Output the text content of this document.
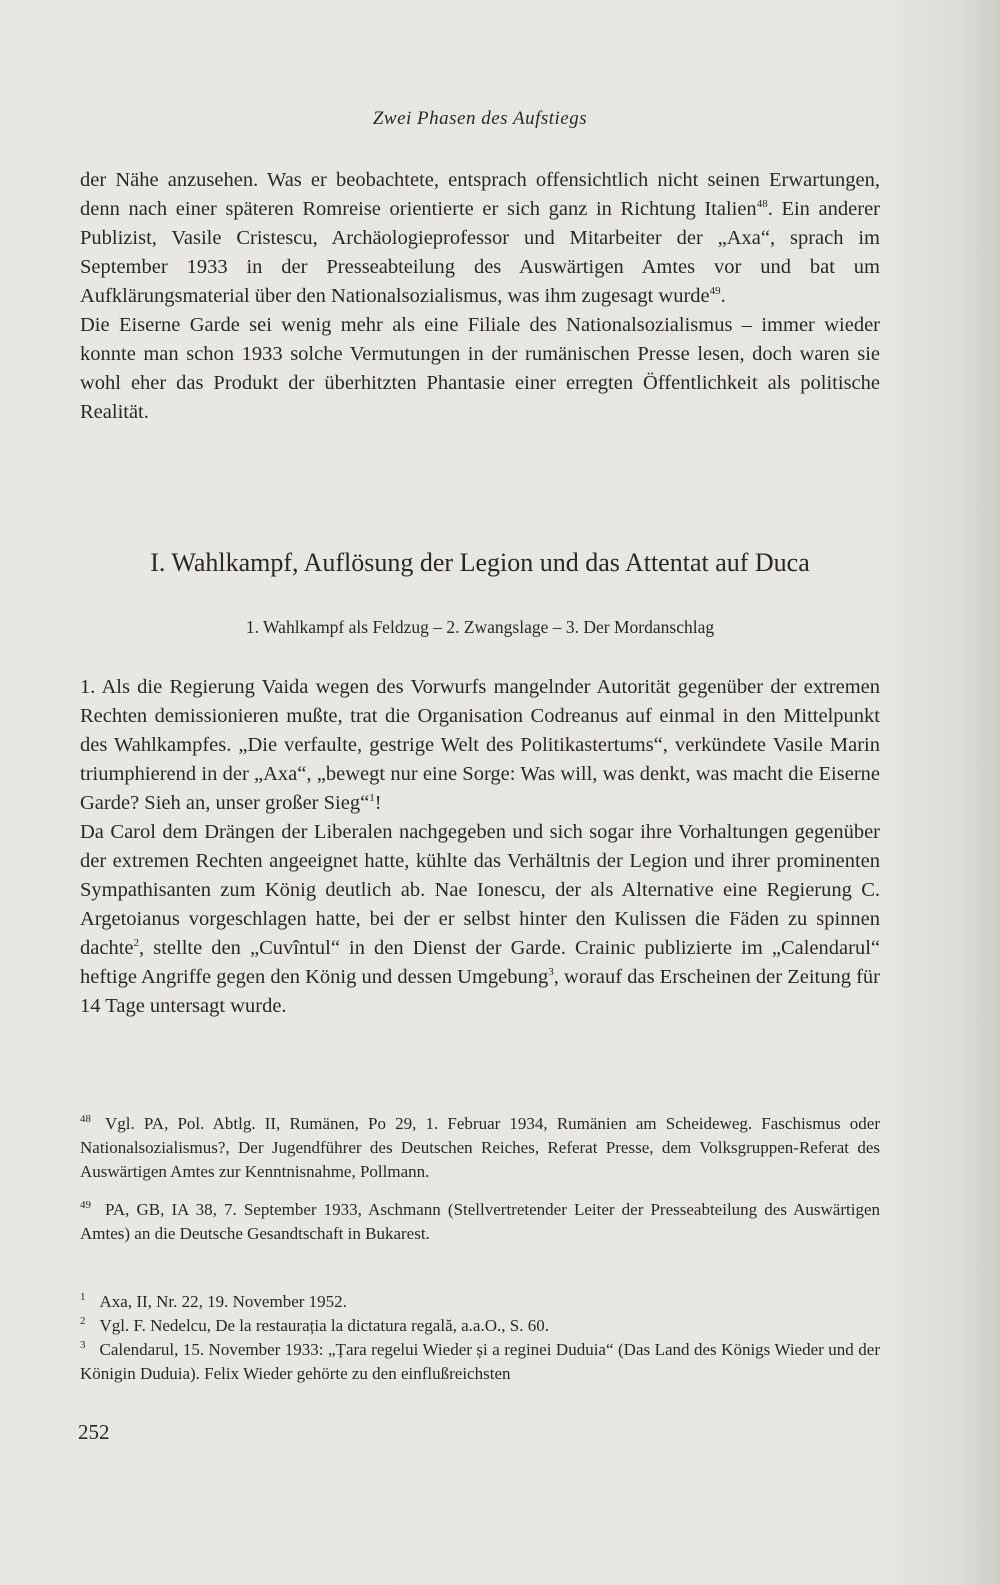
Zwei Phasen des Aufstiegs

der Nähe anzusehen. Was er beobachtete, entsprach offensichtlich nicht seinen Erwartungen, denn nach einer späteren Romreise orientierte er sich ganz in Richtung Italien$^{48}$. Ein anderer Publizist, Vasile Cristescu, Archäologieprofessor und Mitarbeiter der „Axa“, sprach im September 1933 in der Presseabteilung des Auswärtigen Amtes vor und bat um Aufklärungsmaterial über den Nationalsozialismus, was ihm zugesagt wurde$^{49}$.

Die Eiserne Garde sei wenig mehr als eine Filiale des Nationalsozialismus – immer wieder konnte man schon 1933 solche Vermutungen in der rumänischen Presse lesen, doch waren sie wohl eher das Produkt der überhitzten Phantasie einer erregten Öffentlichkeit als politische Realität.

I. Wahlkampf, Auflösung der Legion und das Attentat auf Duca
1. Wahlkampf als Feldzug – 2. Zwangslage – 3. Der Mordanschlag

1. Als die Regierung Vaida wegen des Vorwurfs mangelnder Autorität gegenüber der extremen Rechten demissionieren mußte, trat die Organisation Codreanus auf einmal in den Mittelpunkt des Wahlkampfes. „Die verfaulte, gestrige Welt des Politikastertums“, verkündete Vasile Marin triumphierend in der „Axa“, „bewegt nur eine Sorge: Was will, was denkt, was macht die Eiserne Garde? Sieh an, unser großer Sieg“$^1$!

Da Carol dem Drängen der Liberalen nachgegeben und sich sogar ihre Vorhaltungen gegenüber der extremen Rechten angeeignet hatte, kühlte das Verhältnis der Legion und ihrer prominenten Sympathisanten zum König deutlich ab. Nae Ionescu, der als Alternative eine Regierung C. Argetoianus vorgeschlagen hatte, bei der er selbst hinter den Kulissen die Fäden zu spinnen dachte$^2$, stellte den „Cuvîntul“ in den Dienst der Garde. Crainic publizierte im „Calendarul“ heftige Angriffe gegen den König und dessen Umgebung$^3$, worauf das Erscheinen der Zeitung für 14 Tage untersagt wurde.

$^{48}$ Vgl. PA, Pol. Abtlg. II, Rumänen, Po 29, 1. Februar 1934, Rumänien am Scheideweg. Faschismus oder Nationalsozialismus?, Der Jugendführer des Deutschen Reiches, Referat Presse, dem Volksgruppen-Referat des Auswärtigen Amtes zur Kenntnisnahme, Pollmann.

$^{49}$ PA, GB, IA 38, 7. September 1933, Aschmann (Stellvertretender Leiter der Presseabteilung des Auswärtigen Amtes) an die Deutsche Gesandtschaft in Bukarest.

$^1$ Axa, II, Nr. 22, 19. November 1952.

$^2$ Vgl. F. Nedelcu, De la restaurația la dictatura regală, a.a.O., S. 60.

$^3$ Calendarul, 15. November 1933: „Țara regelui Wieder și a reginei Duduia“ (Das Land des Königs Wieder und der Königin Duduia). Felix Wieder gehörte zu den einflußreichsten

252
